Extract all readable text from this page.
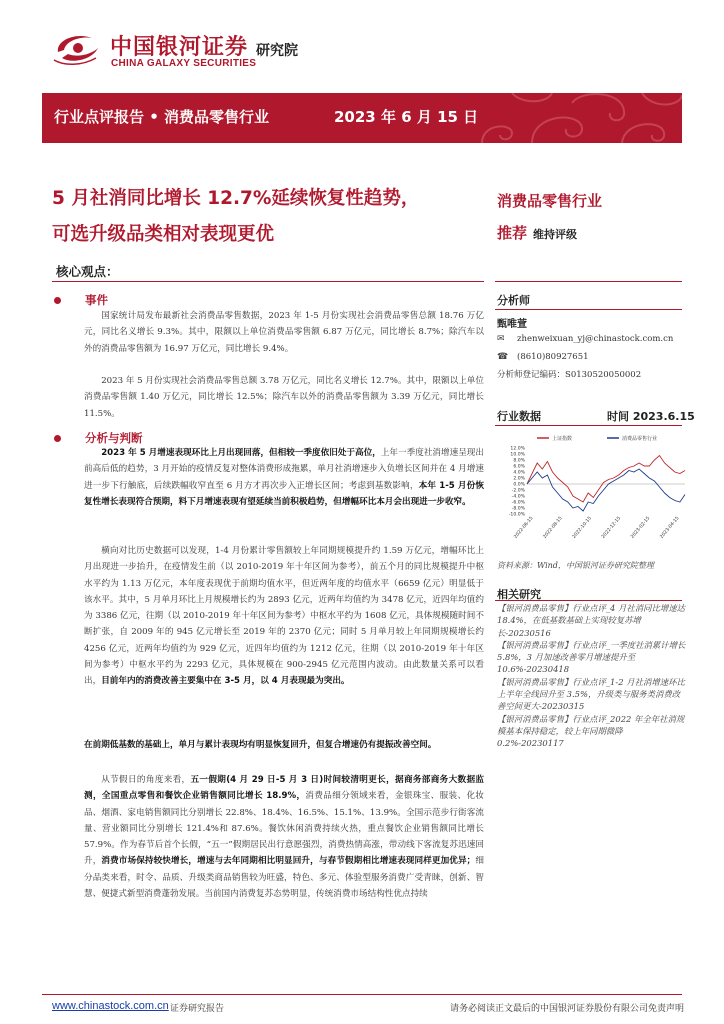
中国银河证券
CHINA GALAXY SECURITIES
研究院
行业点评报告 • 消费品零售行业	2023 年 6 月 15 日
5 月社消同比增长 12.7%延续恢复性趋势，
可选升级品类相对表现更优
消费品零售行业
推荐 维持评级
核心观点：
事件
国家统计局发布最新社会消费品零售数据，2023 年 1-5 月份实现社会消费品零售总额 18.76 万亿元，同比名义增长 9.3%。其中，限额以上单位消费品零售额 6.87 万亿元，同比增长 8.7%；除汽车以外的消费品零售额为 16.97 万亿元，同比增长 9.4%。
2023 年 5 月份实现社会消费品零售总额 3.78 万亿元，同比名义增长 12.7%。其中，限额以上单位消费品零售额 1.40 万亿元，同比增长 12.5%；除汽车以外的消费品零售额为 3.39 万亿元，同比增长 11.5%。
分析与判断
2023 年 5 月增速表现环比上月出现回落，但相较一季度依旧处于高位，上年一季度社消增速呈现出前高后低的趋势，3 月开始的疫情反复对整体消费形成拖累，单月社消增速步入负增长区间并在 4 月增速进一步下行触底，后续跌幅收窄直至 6 月方才再次步入正增长区间；考虑到基数影响，本年 1-5 月份恢复性增长表现符合预期，料下月增速表现有望延续当前积极趋势，但增幅环比本月会出现进一步收窄。
横向对比历史数据可以发现，1-4 月份累计零售额较上年同期规模提升约 1.59 万亿元，增幅环比上月出现进一步抬升，在疫情发生前（以 2010-2019 年十年区间为参考），前五个月的同比规模提升中枢水平约为 1.13 万亿元，本年度表现优于前期均值水平，但近两年度的均值水平（6659 亿元）明显低于该水平。其中，5 月单月环比上月规模增长约为 2893 亿元，近两年均值约为 3478 亿元，近四年均值约为 3386 亿元，往期（以 2010-2019 年十年区间为参考）中枢水平约为 1608 亿元，具体规模随时间不断扩张，自 2009 年的 945 亿元增长至 2019 年的 2370 亿元；同时 5 月单月较上年同期规模增长约 4256 亿元，近两年均值约为 929 亿元，近四年均值约为 1212 亿元，往期（以 2010-2019 年十年区间为参考）中枢水平约为 2293 亿元，具体规模在 900-2945 亿元范围内波动。由此数量关系可以看出，目前年内的消费改善主要集中在 3-5 月，以 4 月表现最为突出。
在前期低基数的基础上，单月与累计表现均有明显恢复回升，但复合增速仍有提振改善空间。
从节假日的角度来看，五一假期(4 月 29 日-5 月 3 日)时间较清明更长，据商务部商务大数据监测，全国重点零售和餐饮企业销售额同比增长 18.9%，消费品细分领域来看，金银珠宝、服装、化妆品、烟酒、家电销售额同比分别增长 22.8%、18.4%、16.5%、15.1%、13.9%。全国示范步行街客流量、营业额同比分别增长 121.4%和 87.6%。餐饮休闲消费持续火热，重点餐饮企业销售额同比增长 57.9%。作为春节后首个长假，“五一”假期居民出行意愿强烈，消费热情高涨，带动线下客流复苏迅速回升，消费市场保持较快增长，增速与去年同期相比明显回升，与春节假期相比增速表现同样更加优异；细分品类来看，时令、品质、升级类商品销售较为旺盛，特色、多元、体验型服务消费广受青睐，创新、智慧、便捷式新型消费蓬勃发展。当前国内消费复苏态势明显，传统消费市场结构性优点持续
分析师
甄唯萱
✉ zhenweixuan_yj@chinastock.com.cn
☎ (8610)80927651
分析师登记编码：S0130520050002
行业数据	时间 2023.6.15
上证指数	消费品零售行业
12.0%
10.0%
8.0%
6.0%
4.0%
2.0%
0.0%
-2.0%
-4.0%
-6.0%
-8.0%
-10.0%
2022-06-15 2022-08-15 2022-10-15 2022-12-15 2023-02-15 2023-04-15
资料来源：Wind，中国银河证券研究院整理
相关研究
【银河消费品零售】行业点评_4 月社消同比增速达 18.4%，在低基数基础上实现较复苏增长-20230516
【银河消费品零售】行业点评_一季度社消累计增长 5.8%，3 月加速改善零月增速提升至 10.6%-20230418
【银河消费品零售】行业点评_1-2 月社消增速环比上半年全线回升至 3.5%，升级类与服务类消费改善空间更大-20230315
【银河消费品零售】行业点评_2022 年全年社消规模基本保持稳定，较上年同期微降 0.2%-20230117
www.chinastock.com.cn 证券研究报告	请务必阅读正文最后的中国银河证券股份有限公司免责声明
